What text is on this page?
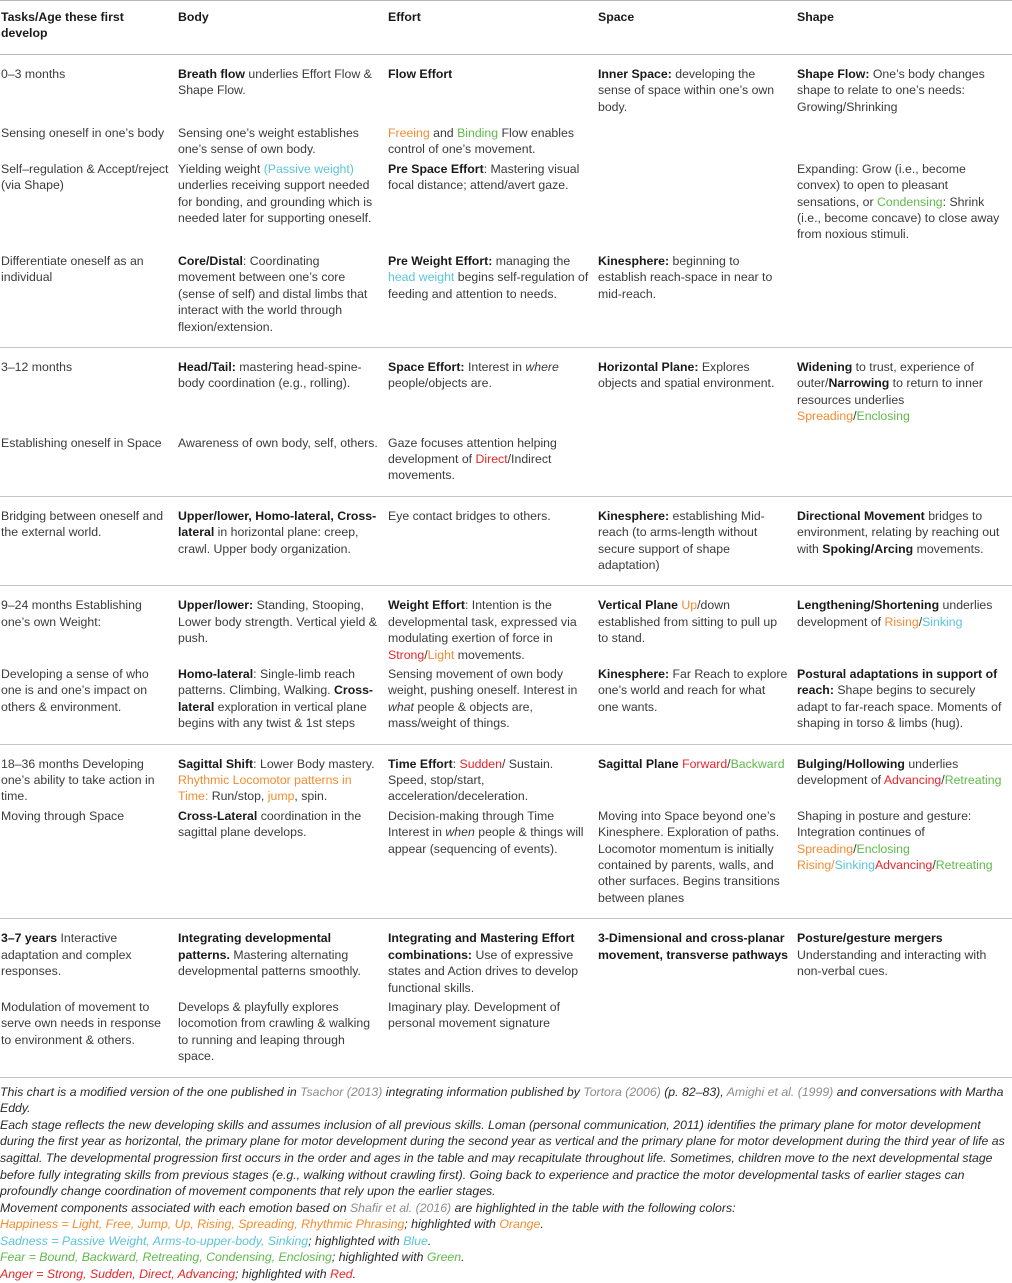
Tasks/Age these first develop	Body	Effort	Space	Shape
0–3 months	Breath flow underlies Effort Flow & Shape Flow.	Flow Effort	Inner Space: developing the sense of space within one’s own body.	Shape Flow: One’s body changes shape to relate to one’s needs: Growing/Shrinking
Sensing oneself in one’s body	Sensing one’s weight establishes one’s sense of own body.	Freeing and Binding Flow enables control of one’s movement.		
Self–regulation & Accept/reject (via Shape)	Yielding weight (Passive weight) underlies receiving support needed for bonding, and grounding which is needed later for supporting oneself.	Pre Space Effort: Mastering visual focal distance; attend/avert gaze.		Expanding: Grow (i.e., become convex) to open to pleasant sensations, or Condensing: Shrink (i.e., become concave) to close away from noxious stimuli.
Differentiate oneself as an individual	Core/Distal: Coordinating movement between one’s core (sense of self) and distal limbs that interact with the world through flexion/extension.	Pre Weight Effort: managing the head weight begins self-regulation of feeding and attention to needs.	Kinesphere: beginning to establish reach-space in near to mid-reach.	
3–12 months	Head/Tail: mastering head-spine-body coordination (e.g., rolling).	Space Effort: Interest in where people/objects are.	Horizontal Plane: Explores objects and spatial environment.	Widening to trust, experience of outer/Narrowing to return to inner resources underlies Spreading/Enclosing
Establishing oneself in Space	Awareness of own body, self, others.	Gaze focuses attention helping development of Direct/Indirect movements.		
Bridging between oneself and the external world.	Upper/lower, Homo-lateral, Cross-lateral in horizontal plane: creep, crawl. Upper body organization.	Eye contact bridges to others.	Kinesphere: establishing Mid-reach (to arms-length without secure support of shape adaptation)	Directional Movement bridges to environment, relating by reaching out with Spoking/Arcing movements.
9–24 months Establishing one’s own Weight:	Upper/lower: Standing, Stooping, Lower body strength. Vertical yield & push.	Weight Effort: Intention is the developmental task, expressed via modulating exertion of force in Strong/Light movements.	Vertical Plane Up/down established from sitting to pull up to stand.	Lengthening/Shortening underlies development of Rising/Sinking
Developing a sense of who one is and one’s impact on others & environment.	Homo-lateral: Single-limb reach patterns. Climbing, Walking. Cross-lateral exploration in vertical plane begins with any twist & 1st steps	Sensing movement of own body weight, pushing oneself. Interest in what people & objects are, mass/weight of things.	Kinesphere: Far Reach to explore one’s world and reach for what one wants.	Postural adaptations in support of reach: Shape begins to securely adapt to far-reach space. Moments of shaping in torso & limbs (hug).
18–36 months Developing one’s ability to take action in time.	Sagittal Shift: Lower Body mastery. Rhythmic Locomotor patterns in Time: Run/stop, jump, spin.	Time Effort: Sudden/ Sustain. Speed, stop/start, acceleration/deceleration.	Sagittal Plane Forward/Backward	Bulging/Hollowing underlies development of Advancing/Retreating
Moving through Space	Cross-Lateral coordination in the sagittal plane develops.	Decision-making through Time Interest in when people & things will appear (sequencing of events).	Moving into Space beyond one’s Kinesphere. Exploration of paths. Locomotor momentum is initially contained by parents, walls, and other surfaces. Begins transitions between planes	Shaping in posture and gesture: Integration continues of Spreading/Enclosing Rising/SinkingAdvancing/Retreating
3–7 years Interactive adaptation and complex responses.	Integrating developmental patterns. Mastering alternating developmental patterns smoothly.	Integrating and Mastering Effort combinations: Use of expressive states and Action drives to develop functional skills.	3-Dimensional and cross-planar movement, transverse pathways	Posture/gesture mergers Understanding and interacting with non-verbal cues.
Modulation of movement to serve own needs in response to environment & others.	Develops & playfully explores locomotion from crawling & walking to running and leaping through space.	Imaginary play. Development of personal movement signature		

This chart is a modified version of the one published in Tsachor (2013) integrating information published by Tortora (2006) (p. 82–83), Amighi et al. (1999) and conversations with Martha Eddy.

Each stage reflects the new developing skills and assumes inclusion of all previous skills. Loman (personal communication, 2011) identifies the primary plane for motor development during the first year as horizontal, the primary plane for motor development during the second year as vertical and the primary plane for motor development during the third year of life as sagittal. The developmental progression first occurs in the order and ages in the table and may recapitulate throughout life. Sometimes, children move to the next developmental stage before fully integrating skills from previous stages (e.g., walking without crawling first). Going back to experience and practice the motor developmental tasks of earlier stages can profoundly change coordination of movement components that rely upon the earlier stages.

Movement components associated with each emotion based on Shafir et al. (2016) are highlighted in the table with the following colors:

Happiness = Light, Free, Jump, Up, Rising, Spreading, Rhythmic Phrasing; highlighted with Orange.

Sadness = Passive Weight, Arms-to-upper-body, Sinking; highlighted with Blue.

Fear = Bound, Backward, Retreating, Condensing, Enclosing; highlighted with Green.

Anger = Strong, Sudden, Direct, Advancing; highlighted with Red.
